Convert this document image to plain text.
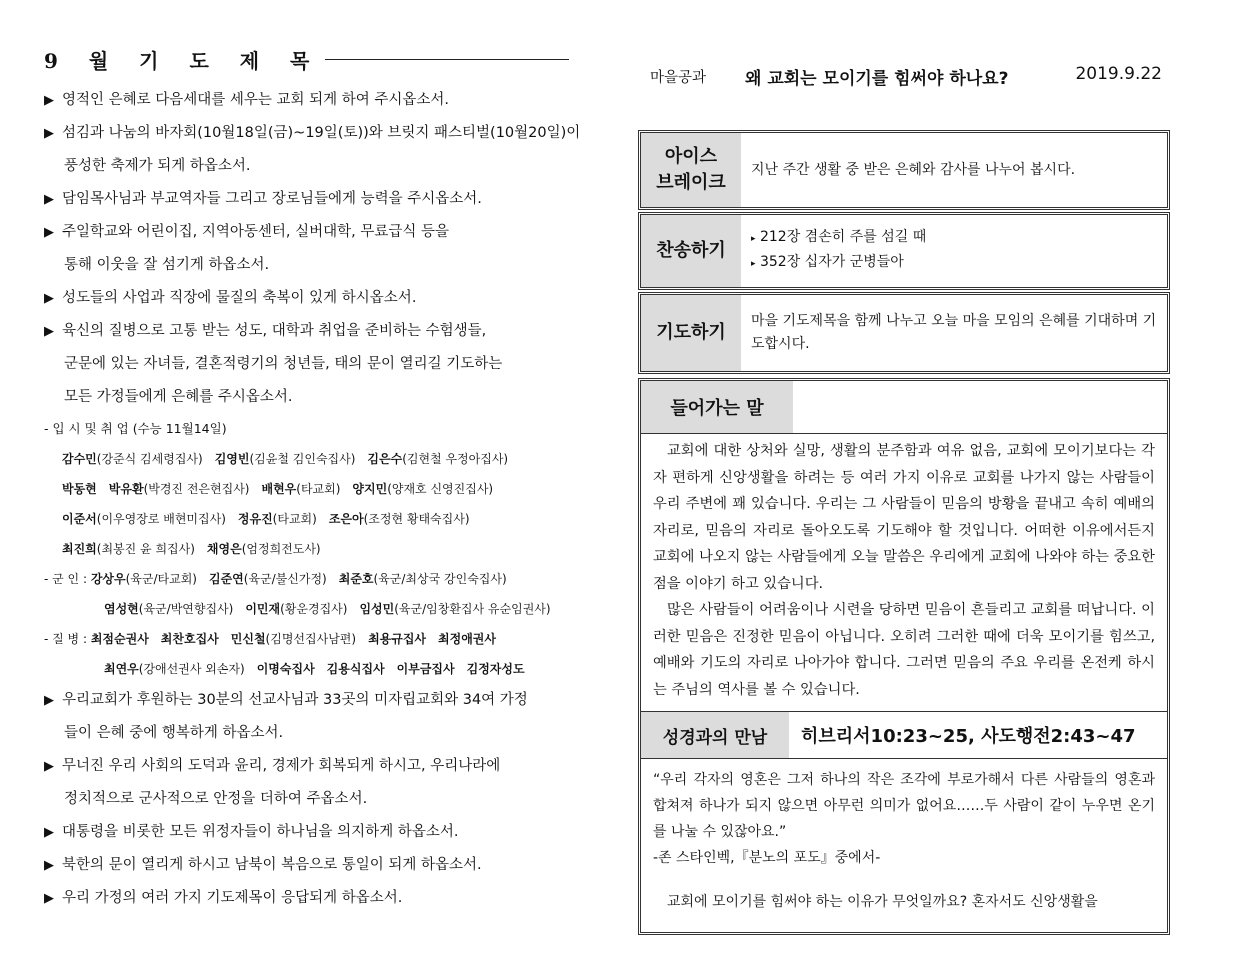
9 월 기 도 제 목
▶ 영적인 은혜로 다음세대를 세우는 교회 되게 하여 주시옵소서.
▶ 섬김과 나눔의 바자회(10월18일(금)~19일(토))와 브릿지 패스티벌(10월20일)이
풍성한 축제가 되게 하옵소서.
▶ 담임목사님과 부교역자들 그리고 장로님들에게 능력을 주시옵소서.
▶ 주일학교와 어린이집, 지역아동센터, 실버대학, 무료급식 등을
통해 이웃을 잘 섬기게 하옵소서.
▶ 성도들의 사업과 직장에 물질의 축복이 있게 하시옵소서.
▶ 육신의 질병으로 고통 받는 성도, 대학과 취업을 준비하는 수험생들,
군문에 있는 자녀들, 결혼적령기의 청년들, 태의 문이 열리길 기도하는
모든 가정들에게 은혜를 주시옵소서.
- 입 시 및 취 업 (수능 11월14일)
감수민(강준식 김세령집사) 김영빈(김윤철 김인숙집사) 김은수(김현철 우정아집사)
박동현 박유환(박경진 전은현집사) 배현우(타교회) 양지민(양재호 신영진집사)
이준서(이우영장로 배현미집사) 정유진(타교회) 조은아(조정현 황태숙집사)
최진희(최봉진 윤 희집사) 채영은(엄정희전도사)
- 군 인 : 강상우(육군/타교회) 김준연(육군/불신가정) 최준호(육군/최상국 강인숙집사)
염성현(육군/박연향집사) 이민재(황운경집사) 임성민(육군/임창환집사 유순임권사)
- 질 병 : 최점순권사 최찬호집사 민신철(김명선집사남편) 최용규집사 최정애권사
최연우(강애선권사 외손자) 이명숙집사 김용식집사 이부금집사 김정자성도
▶ 우리교회가 후원하는 30분의 선교사님과 33곳의 미자립교회와 34여 가정
들이 은혜 중에 행복하게 하옵소서.
▶ 무너진 우리 사회의 도덕과 윤리, 경제가 회복되게 하시고, 우리나라에
정치적으로 군사적으로 안정을 더하여 주옵소서.
▶ 대통령을 비롯한 모든 위정자들이 하나님을 의지하게 하옵소서.
▶ 북한의 문이 열리게 하시고 남북이 복음으로 통일이 되게 하옵소서.
▶ 우리 가정의 여러 가지 기도제목이 응답되게 하옵소서.
마을공과 왜 교회는 모이기를 힘써야 하나요?	2019.9.22
아이스
브레이크
지난 주간 생활 중 받은 은혜와 감사를 나누어 봅시다.
찬송하기
▸ 212장 겸손히 주를 섬길 때
▸ 352장 십자가 군병들아
기도하기
마을 기도제목을 함께 나누고 오늘 마을 모임의 은혜를 기대하며 기도합시다.
들어가는 말

교회에 대한 상처와 실망, 생활의 분주함과 여유 없음, 교회에 모이기보다는 각자 편하게 신앙생활을 하려는 등 여러 가지 이유로 교회를 나가지 않는 사람들이 우리 주변에 꽤 있습니다. 우리는 그 사람들이 믿음의 방황을 끝내고 속히 예배의 자리로, 믿음의 자리로 돌아오도록 기도해야 할 것입니다. 어떠한 이유에서든지 교회에 나오지 않는 사람들에게 오늘 말씀은 우리에게 교회에 나와야 하는 중요한 점을 이야기 하고 있습니다.

많은 사람들이 어려움이나 시련을 당하면 믿음이 흔들리고 교회를 떠납니다. 이러한 믿음은 진정한 믿음이 아닙니다. 오히려 그러한 때에 더욱 모이기를 힘쓰고, 예배와 기도의 자리로 나아가야 합니다. 그러면 믿음의 주요 우리를 온전케 하시는 주님의 역사를 볼 수 있습니다.

성경과의 만남	히브리서10:23~25, 사도행전2:43~47

“우리 각자의 영혼은 그저 하나의 작은 조각에 부로가해서 다른 사람들의 영혼과 합쳐져 하나가 되지 않으면 아무런 의미가 없어요……두 사람이 같이 누우면 온기를 나눌 수 있잖아요.”

-존 스타인벡,『분노의 포도』중에서-

교회에 모이기를 힘써야 하는 이유가 무엇일까요? 혼자서도 신앙생활을
